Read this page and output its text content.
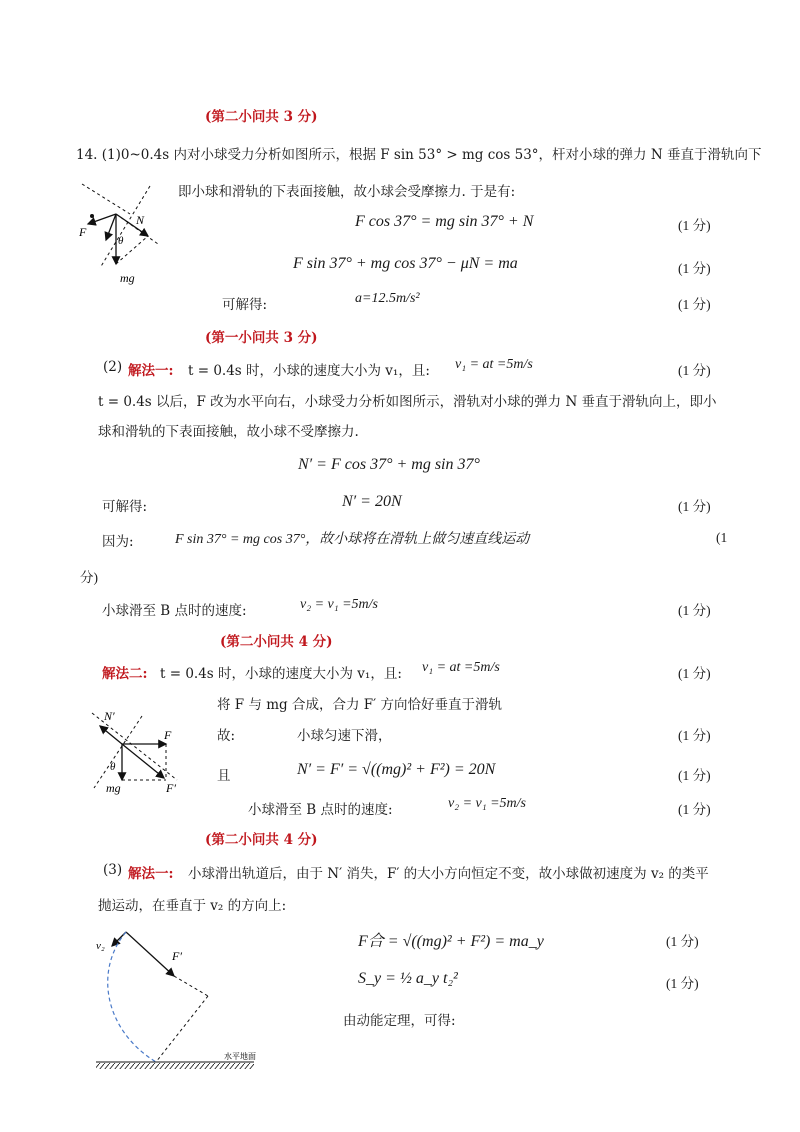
(第二小问共 3 分)
14. (1)0~0.4s 内对小球受力分析如图所示，根据 F sin 53° > mg cos 53°，杆对小球的弹力 N 垂直于滑轨向下
F
N
θ
mg
即小球和滑轨的下表面接触，故小球会受摩擦力. 于是有:
F cos 37° = mg sin 37° + N	(1 分)
F sin 37° + mg cos 37° − μN = ma	(1 分)
可解得:	a=12.5m/s²	(1 分)
(第一小问共 3 分)
(2) 解法一: t = 0.4s 时，小球的速度大小为 v₁，且: v₁ = at =5m/s	(1 分)
t = 0.4s 以后，F 改为水平向右，小球受力分析如图所示，滑轨对小球的弹力 N 垂直于滑轨向上，即小
球和滑轨的下表面接触，故小球不受摩擦力.
N′ = F cos 37° + mg sin 37°
可解得:	N′ = 20N	(1 分)
因为:	F sin 37° = mg cos 37°，故小球将在滑轨上做匀速直线运动	(1
分)
小球滑至 B 点时的速度:	v₂ = v₁ =5m/s	(1 分)
(第二小问共 4 分)
解法二: t = 0.4s 时，小球的速度大小为 v₁，且: v₁ = at =5m/s	(1 分)
将 F 与 mg 合成，合力 F′ 方向恰好垂直于滑轨
N′
F
θ
mg	F′
故:	小球匀速下滑，	(1 分)
且	N′ = F′ = √((mg)² + F²) = 20N	(1 分)
小球滑至 B 点时的速度:	v₂ = v₁ =5m/s	(1 分)
(第二小问共 4 分)
(3) 解法一: 小球滑出轨道后，由于 N′ 消失，F′ 的大小方向恒定不变，故小球做初速度为 v₂ 的类平
抛运动，在垂直于 v₂ 的方向上:
v₂
F′
水平地面
F合 = √((mg)² + F²) = ma_y	(1 分)
S_y = ½ a_y t₂²	(1 分)
由动能定理，可得:
